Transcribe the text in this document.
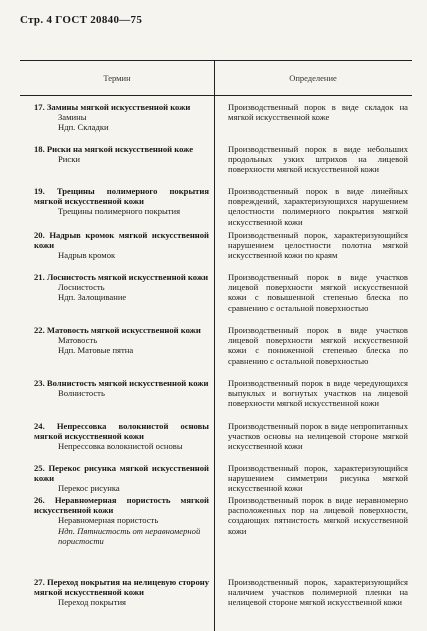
Стр. 4 ГОСТ 20840—75
Термин	Определение
17. Замины мягкой искусственной кожи
Замины
Ндп. Складки
Производственный порок в виде складок на мягкой искусственной коже
18. Риски на мягкой искусственной коже
Риски
Производственный порок в виде небольших продольных узких штрихов на лицевой поверхности мягкой искусственной кожи
19. Трещины полимерного покрытия мягкой искусственной кожи
Трещины полимерного покрытия
Производственный порок в виде линейных повреждений, характеризующихся нарушением целостности полимерного покрытия мягкой искусственной кожи
20. Надрыв кромок мягкой искусственной кожи
Надрыв кромок
Производственный порок, характеризующийся нарушением целостности полотна мягкой искусственной кожи по краям
21. Лоснистость мягкой искусственной кожи
Лоснистость
Ндп. Залощивание
Производственный порок в виде участков лицевой поверхности мягкой искусственной кожи с повышенной степенью блеска по сравнению с остальной поверхностью
22. Матовость мягкой искусственной кожи
Матовость
Ндп. Матовые пятна
Производственный порок в виде участков лицевой поверхности мягкой искусственной кожи с пониженной степенью блеска по сравнению с остальной поверхностью
23. Волнистость мягкой искусственной кожи
Волнистость
Производственный порок в виде чередующихся выпуклых и вогнутых участков на лицевой поверхности мягкой искусственной кожи
24. Непрессовка волокнистой основы мягкой искусственной кожи
Непрессовка волокнистой основы
Производственный порок в виде непропитанных участков основы на нелицевой стороне мягкой искусственной кожи
25. Перекос рисунка мягкой искусственной кожи
Перекос рисунка
Производственный порок, характеризующийся нарушением симметрии рисунка мягкой искусственной кожи
26. Неравномерная пористость мягкой искусственной кожи
Неравномерная пористость
Ндп. Пятнистость от неравномерной пористости
Производственный порок в виде неравномерно расположенных пор на лицевой поверхности, создающих пятнистость мягкой искусственной кожи
27. Переход покрытия на нелицевую сторону мягкой искусственной кожи
Переход покрытия
Производственный порок, характеризующийся наличием участков полимерной пленки на нелицевой стороне мягкой искусственной кожи
